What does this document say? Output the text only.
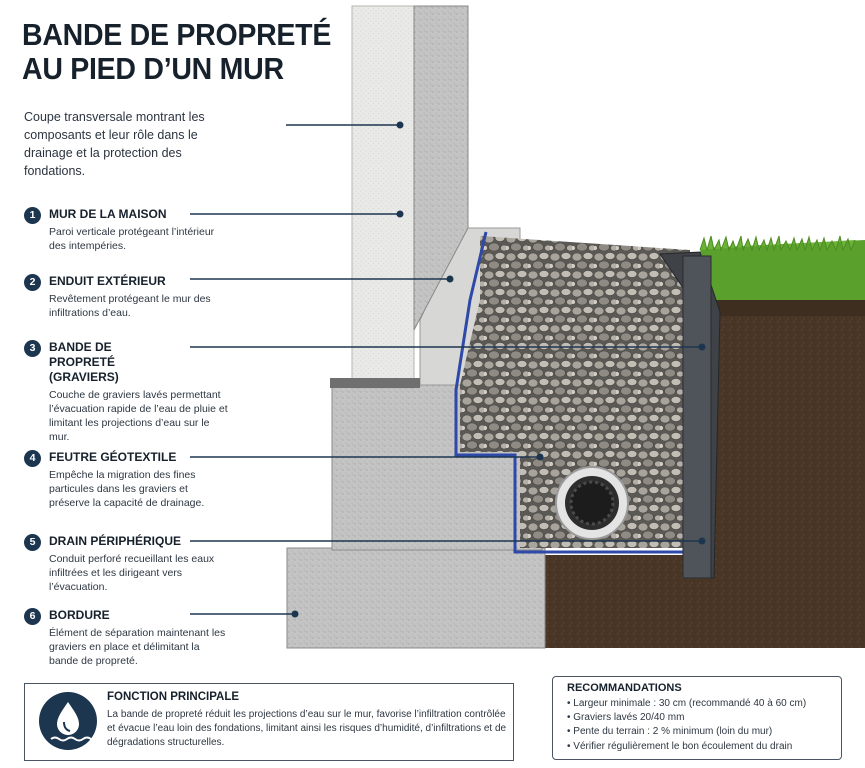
BANDE DE PROPRETÉ
AU PIED D’UN MUR
Coupe transversale montrant les composants et leur rôle dans le drainage et la protection des fondations.
1	MUR DE LA MAISON
Paroi verticale protégeant l’intérieur des intempéries.
2	ENDUIT EXTÉRIEUR
Revêtement protégeant le mur des infiltrations d’eau.
3	BANDE DE PROPRETÉ (GRAVIERS)
Couche de graviers lavés permettant l’évacuation rapide de l’eau de pluie et limitant les projections d’eau sur le mur.
4	FEUTRE GÉOTEXTILE
Empêche la migration des fines particules dans les graviers et préserve la capacité de drainage.
5	DRAIN PÉRIPHÉRIQUE
Conduit perforé recueillant les eaux infiltrées et les dirigeant vers l’évacuation.
6	BORDURE
Élément de séparation maintenant les graviers en place et délimitant la bande de propreté.
FONCTION PRINCIPALE
La bande de propreté réduit les projections d’eau sur le mur, favorise l’infiltration contrôlée et évacue l’eau loin des fondations, limitant ainsi les risques d’humidité, d’infiltrations et de dégradations structurelles.
RECOMMANDATIONS
• Largeur minimale : 30 cm (recommandé 40 à 60 cm)
• Graviers lavés 20/40 mm
• Pente du terrain : 2 % minimum (loin du mur)
• Vérifier régulièrement le bon écoulement du drain
